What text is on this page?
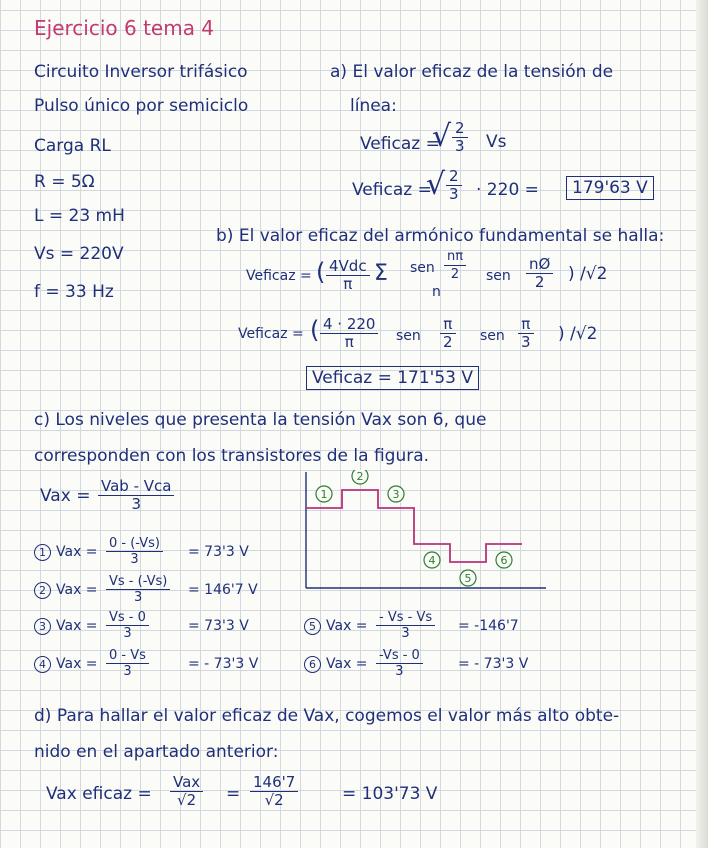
Ejercicio 6 tema 4
Circuito Inversor trifásico
Pulso único por semiciclo
Carga RL
R = 5Ω
L = 23 mH
Vs = 220V
f = 33 Hz
a) El valor eficaz de la tensión de
línea:
Veficaz =
√ $\frac{2}{3}$ Vs
Veficaz =
√ $\frac{2}{3} \cdot 220$ =	179'63 V
b) El valor eficaz del armónico fundamental se halla:
Veficaz = ( 4Vdc
π Σ sen $\frac{n\pi}{2}$
n
sen $\frac{nØ}{2}$ ) /√2
Veficaz = ( $\frac{4 \cdot 220}{\pi}$ sen $\frac{\pi}{2}$ sen $\frac{\pi}{3}$ ) /√2
Veficaz = 171'53 V
c) Los niveles que presenta la tensión Vax son 6, que
corresponden con los transistores de la figura.
Vax = Vab - Vca
3
1 Vax = $\frac{0 - (-Vs)}{3} = 73'3$ V
2 Vax = $\frac{Vs - (-Vs)}{3} = 146'7$ V
3 Vax = $\frac{Vs - 0}{3}$	= 73'3 V
4 Vax = $\frac{0 - Vs}{3}$	= - 73'3 V
5 Vax = $\frac{- Vs - Vs}{3} = -146'7$
6 Vax = $\frac{-Vs - 0}{3}$	= - 73'3 V
1
2
3
4
5
6
d) Para hallar el valor eficaz de Vax, cogemos el valor más alto obte-
nido en el apartado anterior:
Vax eficaz =
Vax
√2	= $\frac{146'7}{√2}$	= 103'73 V
